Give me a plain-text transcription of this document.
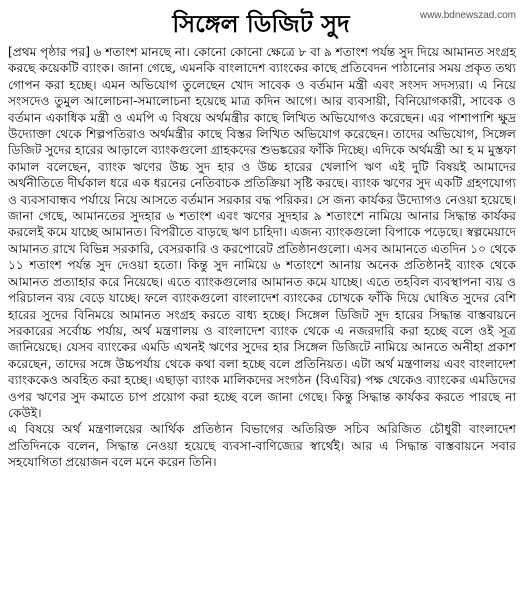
www.bdnewszad.com
সিঙ্গেল ডিজিট সুদ

[প্রথম পৃষ্ঠার পর] ৬ শতাংশ মানছে না। কোনো কোনো ক্ষেত্রে ৮ বা ৯ শতাংশ পর্যন্ত সুদ দিয়ে আমানত সংগ্রহ করছে কয়েকটি ব্যাংক। জানা গেছে, এমনকি বাংলাদেশ ব্যাংকের কাছে প্রতিবেদন পাঠানোর সময় প্রকৃত তথ্য গোপন করা হচ্ছে। এমন অভিযোগ তুলেছেন খোদ সাবেক ও বর্তমান মন্ত্রী এবং সংসদ সদস্যরা। এ নিয়ে সংসদেও তুমুল আলোচনা-সমালোচনা হয়েছে মাত্র কদিন আগে। আর ব্যবসায়ী, বিনিয়োগকারী, সাবেক ও বর্তমান একাধিক মন্ত্রী ও এমপি এ বিষয়ে অর্থমন্ত্রীর কাছে লিখিত অভিযোগও করেছেন। এর পাশাপাশি ক্ষুদ্র উদ্যোক্তা থেকে শিল্পপতিরাও অর্থমন্ত্রীর কাছে বিস্তর লিখিত অভিযোগ করেছেন। তাদের অভিযোগ, সিঙ্গেল ডিজিট সুদের হারের আড়ালে ব্যাংকগুলো গ্রাহকদের শুভঙ্করের ফাঁকি দিচ্ছে। এদিকে অর্থমন্ত্রী আ হ ম মুস্তফা কামাল বলেছেন, ব্যাংক ঋণের উচ্চ সুদ হার ও উচ্চ হারের খেলাপি ঋণ এই দুটি বিষয়ই আমাদের অর্থনীতিতে দীর্ঘকাল ধরে এক ধরনের নেতিবাচক প্রতিক্রিয়া সৃষ্টি করছে। ব্যাংক ঋণের সুদ একটি গ্রহণযোগ্য ও ব্যবসাবান্ধব পর্যায়ে নিয়ে আসতে বর্তমান সরকার বদ্ধ পরিকর। সে জন্য কার্যকর উদ্যোগও নেওয়া হয়েছে। জানা গেছে, আমানতের সুদহার ৬ শতাংশ এবং ঋণের সুদহার ৯ শতাংশে নামিয়ে আনার সিদ্ধান্ত কার্যকর করলেই কমে যাচ্ছে আমানত। বিপরীতে বাড়ছে ঋণ চাহিদা। এজন্য ব্যাংকগুলো বিপাকে পড়েছে। স্বল্পমেয়াদে আমানত রাখে বিভিন্ন সরকারি, বেসরকারি ও করপোরেট প্রতিষ্ঠানগুলো। এসব আমানতে এতদিন ১০ থেকে ১১ শতাংশ পর্যন্ত সুদ দেওয়া হতো। কিন্তু সুদ নামিয়ে ৬ শতাংশে আনায় অনেক প্রতিষ্ঠানই ব্যাংক থেকে আমানত প্রত্যাহার করে নিয়েছে। এতে ব্যাংকগুলোর আমানত কমে যাচ্ছে। এতে তহবিল ব্যবস্থাপনা ব্যয় ও পরিচালন ব্যয় বেড়ে যাচ্ছে। ফলে ব্যাংকগুলো বাংলাদেশ ব্যাংকের চোখকে ফাঁকি দিয়ে ঘোষিত সুদের বেশি হারের সুদের বিনিময়ে আমানত সংগ্রহ করতে বাধ্য হচ্ছে। সিঙ্গেল ডিজিট সুদ হারের সিদ্ধান্ত বাস্তবায়নে সরকারের সর্বোচ্চ পর্যায়, অর্থ মন্ত্রণালয় ও বাংলাদেশ ব্যাংক থেকে এ নজরদারি করা হচ্ছে বলে ওই সূত্র জানিয়েছে। যেসব ব্যাংকের এমডি এখনই ঋণের সুদের হার সিঙ্গেল ডিজিটে নামিয়ে আনতে অনীহা প্রকাশ করেছেন, তাদের সঙ্গে উচ্চপর্যায় থেকে কথা বলা হচ্ছে বলে প্রতিনিয়ত। এটা অর্থ মন্ত্রণালয় এবং বাংলাদেশ ব্যাংককেও অবহিত করা হচ্ছে। এছাড়া ব্যাংক মালিকদের সংগঠন (বিএবির) পক্ষ থেকেও ব্যাংকের এমডিদের ওপর ঋণের সুদ কমাতে চাপ প্রয়োগ করা হচ্ছে বলে জানা গেছে। কিন্তু সিদ্ধান্ত কার্যকর করতে পারছে না কেউই।

এ বিষয়ে অর্থ মন্ত্রণালয়ের আর্থিক প্রতিষ্ঠান বিভাগের অতিরিক্ত সচিব অরিজিত চৌধুরী বাংলাদেশ প্রতিদিনকে বলেন, সিদ্ধান্ত নেওয়া হয়েছে ব্যবসা-বাণিজ্যের স্বার্থেই। আর এ সিদ্ধান্ত বাস্তবায়নে সবার সহযোগিতা প্রয়োজন বলে মনে করেন তিনি।
